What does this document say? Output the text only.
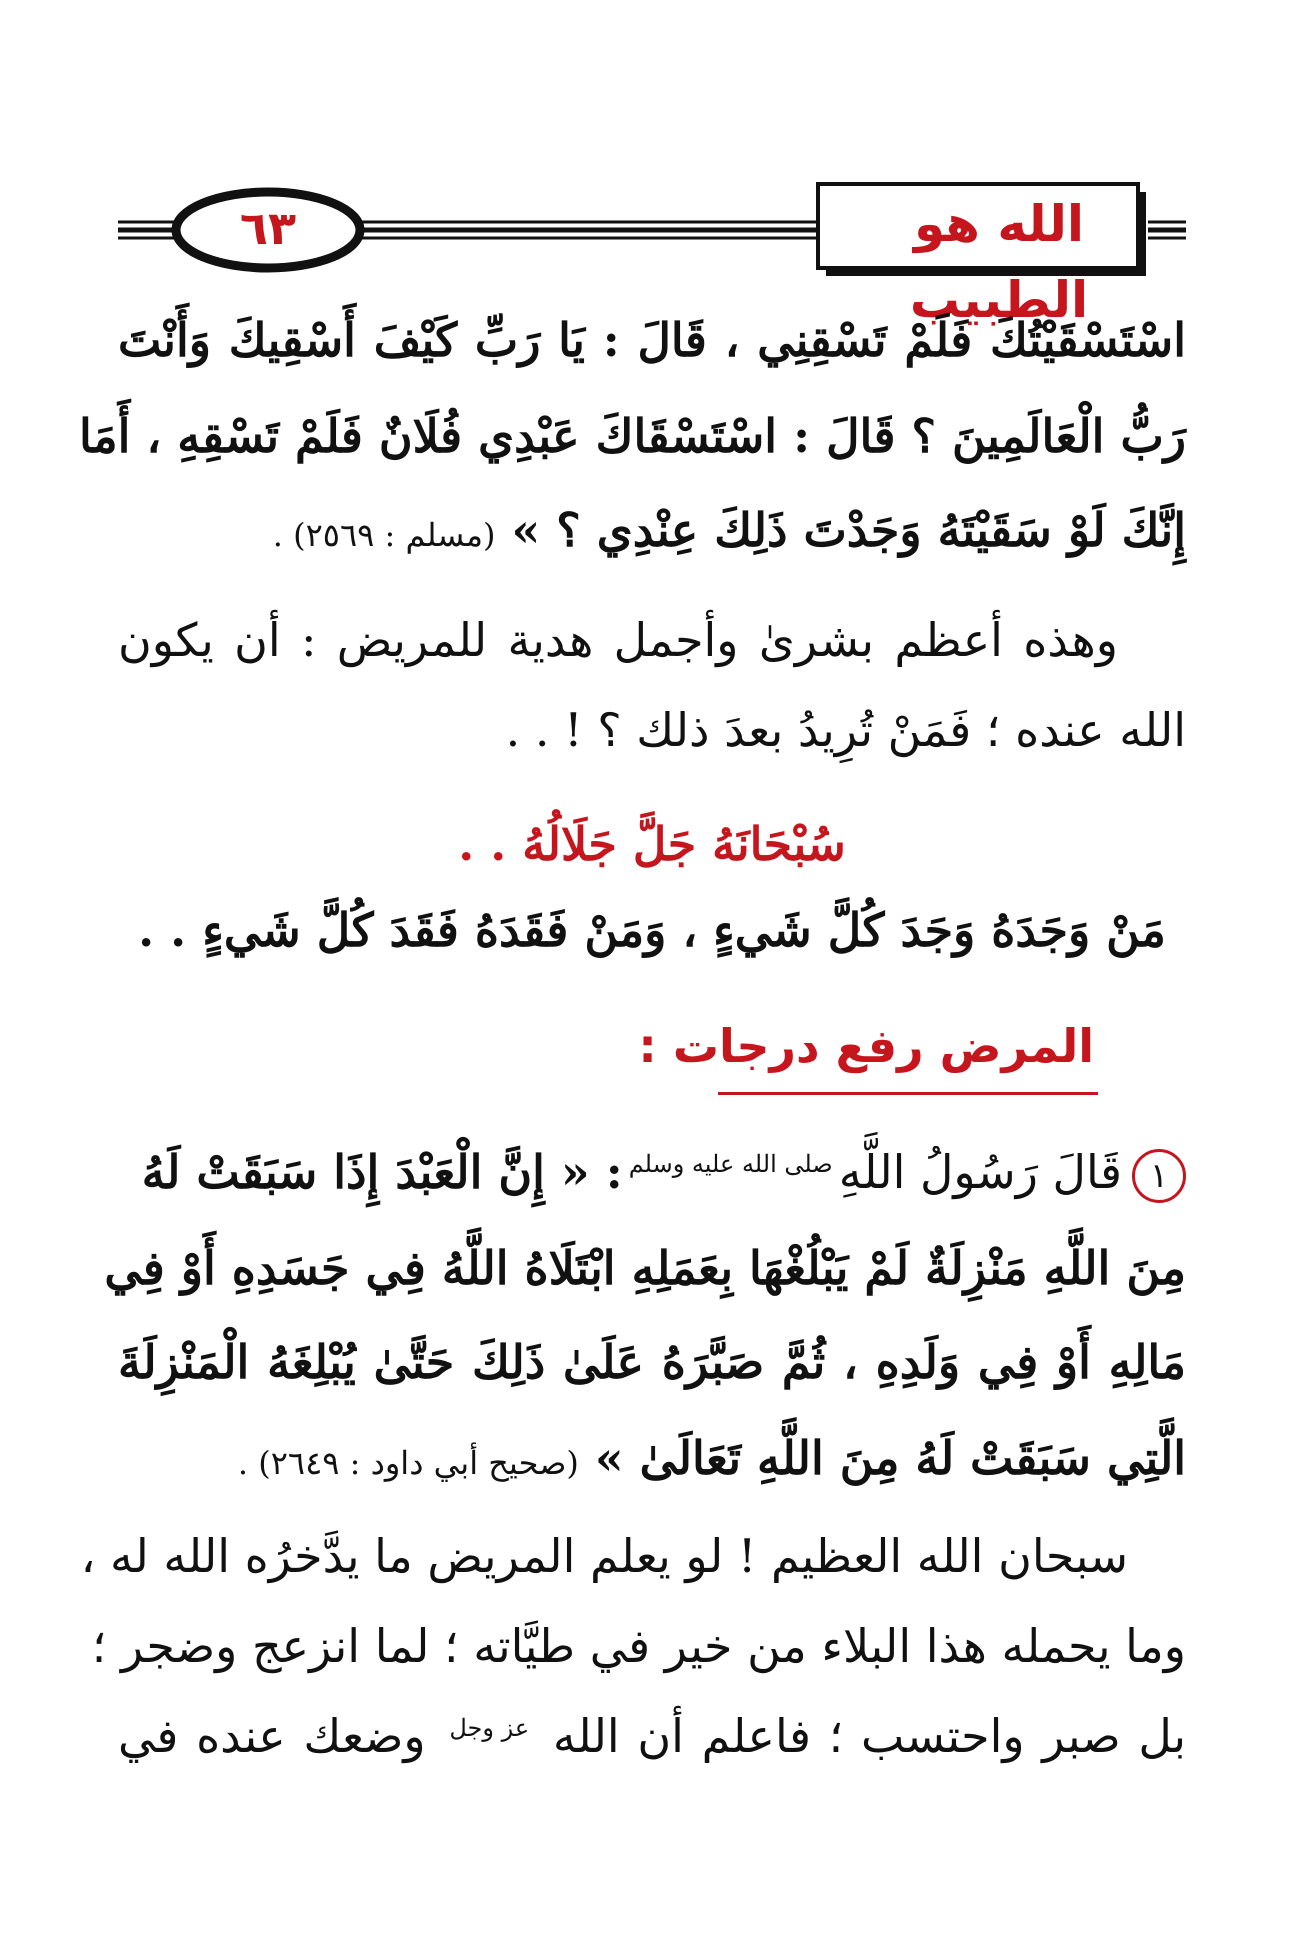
٦٣	الله هو الطبيب
اسْتَسْقَيْتُكَ فَلَمْ تَسْقِنِي ، قَالَ : يَا رَبِّ كَيْفَ أَسْقِيكَ وَأَنْتَ
رَبُّ الْعَالَمِينَ ؟ قَالَ : اسْتَسْقَاكَ عَبْدِي فُلَانٌ فَلَمْ تَسْقِهِ ، أَمَا
إِنَّكَ لَوْ سَقَيْتَهُ وَجَدْتَ ذَلِكَ عِنْدِي ؟ » (مسلم : ٢٥٦٩) .
وهذه أعظم بشرىٰ وأجمل هدية للمريض : أن يكون
الله عنده ؛ فَمَنْ تُرِيدُ بعدَ ذلك ؟ ! . .
سُبْحَانَهُ جَلَّ جَلَالُهُ . .
مَنْ وَجَدَهُ وَجَدَ كُلَّ شَيءٍ ، وَمَنْ فَقَدَهُ فَقَدَ كُلَّ شَيءٍ . .
المرض رفع درجات :
١قَالَ رَسُولُ اللَّهِصلى الله عليه وسلم: « إِنَّ الْعَبْدَ إِذَا سَبَقَتْ لَهُ
مِنَ اللَّهِ مَنْزِلَةٌ لَمْ يَبْلُغْهَا بِعَمَلِهِ ابْتَلَاهُ اللَّهُ فِي جَسَدِهِ أَوْ فِي
مَالِهِ أَوْ فِي وَلَدِهِ ، ثُمَّ صَبَّرَهُ عَلَىٰ ذَلِكَ حَتَّىٰ يُبْلِغَهُ الْمَنْزِلَةَ
الَّتِي سَبَقَتْ لَهُ مِنَ اللَّهِ تَعَالَىٰ » (صحيح أبي داود : ٢٦٤٩) .
سبحان الله العظيم ! لو يعلم المريض ما يدَّخرُه الله له ،
وما يحمله هذا البلاء من خير في طيَّاته ؛ لما انزعج وضجر ؛
بل صبر واحتسب ؛ فاعلم أن الله عز وجل وضعك عنده في
